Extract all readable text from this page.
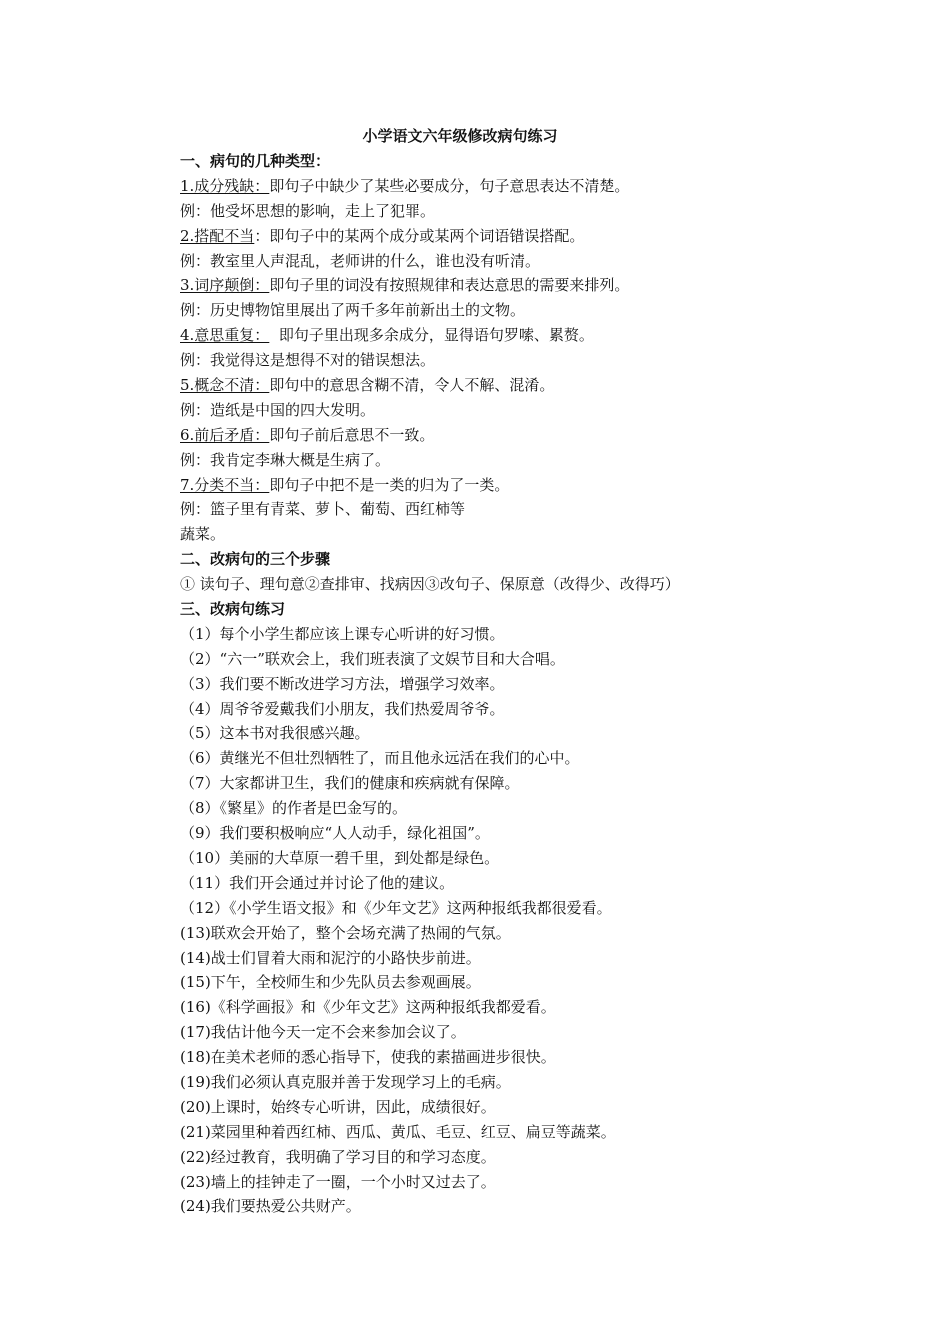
小学语文六年级修改病句练习
一、病句的几种类型：
1.成分残缺：即句子中缺少了某些必要成分，句子意思表达不清楚。
例：他受坏思想的影响，走上了犯罪。
2.搭配不当：即句子中的某两个成分或某两个词语错误搭配。
例：教室里人声混乱，老师讲的什么，谁也没有听清。
3.词序颠倒：即句子里的词没有按照规律和表达意思的需要来排列。
例：历史博物馆里展出了两千多年前新出土的文物。
4.意思重复：  即句子里出现多余成分，显得语句罗嗦、累赘。
例：我觉得这是想得不对的错误想法。
5.概念不清：即句中的意思含糊不清，令人不解、混淆。
例：造纸是中国的四大发明。
6.前后矛盾：即句子前后意思不一致。
例：我肯定李琳大概是生病了。
7.分类不当：即句子中把不是一类的归为了一类。
例：篮子里有青菜、萝卜、葡萄、西红柿等
蔬菜。
二、改病句的三个步骤
① 读句子、理句意②查排审、找病因③改句子、保原意（改得少、改得巧）
三、改病句练习
（1）每个小学生都应该上课专心听讲的好习惯。
（2）“六一”联欢会上，我们班表演了文娱节目和大合唱。
（3）我们要不断改进学习方法，增强学习效率。
（4）周爷爷爱戴我们小朋友，我们热爱周爷爷。
（5）这本书对我很感兴趣。
（6）黄继光不但壮烈牺牲了，而且他永远活在我们的心中。
（7）大家都讲卫生，我们的健康和疾病就有保障。
（8）《繁星》的作者是巴金写的。
（9）我们要积极响应“人人动手，绿化祖国”。
（10）美丽的大草原一碧千里，到处都是绿色。
（11）我们开会通过并讨论了他的建议。
（12）《小学生语文报》和《少年文艺》这两种报纸我都很爱看。
(13)联欢会开始了，整个会场充满了热闹的气氛。
(14)战士们冒着大雨和泥泞的小路快步前进。
(15)下午，全校师生和少先队员去参观画展。
(16)《科学画报》和《少年文艺》这两种报纸我都爱看。
(17)我估计他今天一定不会来参加会议了。
(18)在美术老师的悉心指导下，使我的素描画进步很快。
(19)我们必须认真克服并善于发现学习上的毛病。
(20)上课时，始终专心听讲，因此，成绩很好。
(21)菜园里种着西红柿、西瓜、黄瓜、毛豆、红豆、扁豆等蔬菜。
(22)经过教育，我明确了学习目的和学习态度。
(23)墙上的挂钟走了一圈，一个小时又过去了。
(24)我们要热爱公共财产。
